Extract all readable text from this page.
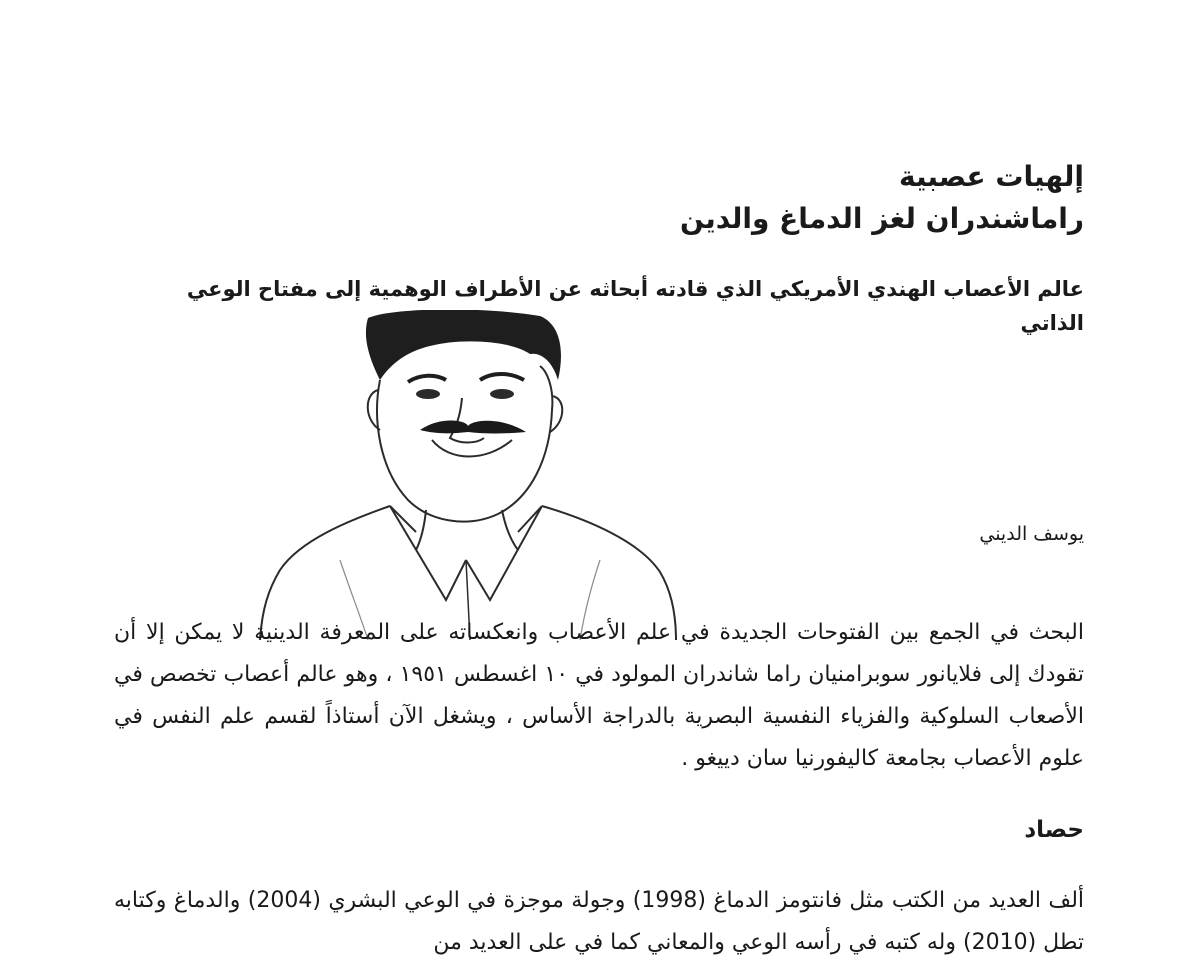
إلهيات عصبية
راماشندران لغز الدماغ والدين
عالم الأعصاب الهندي الأمريكي الذي قادته أبحاثه عن الأطراف الوهمية إلى مفتاح الوعي الذاتي
يوسف الديني
البحث في الجمع بين الفتوحات الجديدة في علم الأعصاب وانعكساته على المعرفة الدينية لا يمكن إلا أن تقودك إلى فلايانور سوبرامنيان راما شاندران المولود في ١٠ اغسطس ١٩٥١ ، وهو عالم أعصاب تخصص في الأصعاب السلوكية والفزياء النفسية البصرية بالدراجة الأساس ، ويشغل الآن أستاذاً لقسم علم النفس في علوم الأعصاب بجامعة كاليفورنيا سان دييغو .
حصاد
ألف العديد من الكتب مثل فانتومز الدماغ (1998) وجولة موجزة في الوعي البشري (2004) والدماغ وكتابه تطل (2010) وله كتبه في رأسه الوعي والمعاني كما في على العديد من
